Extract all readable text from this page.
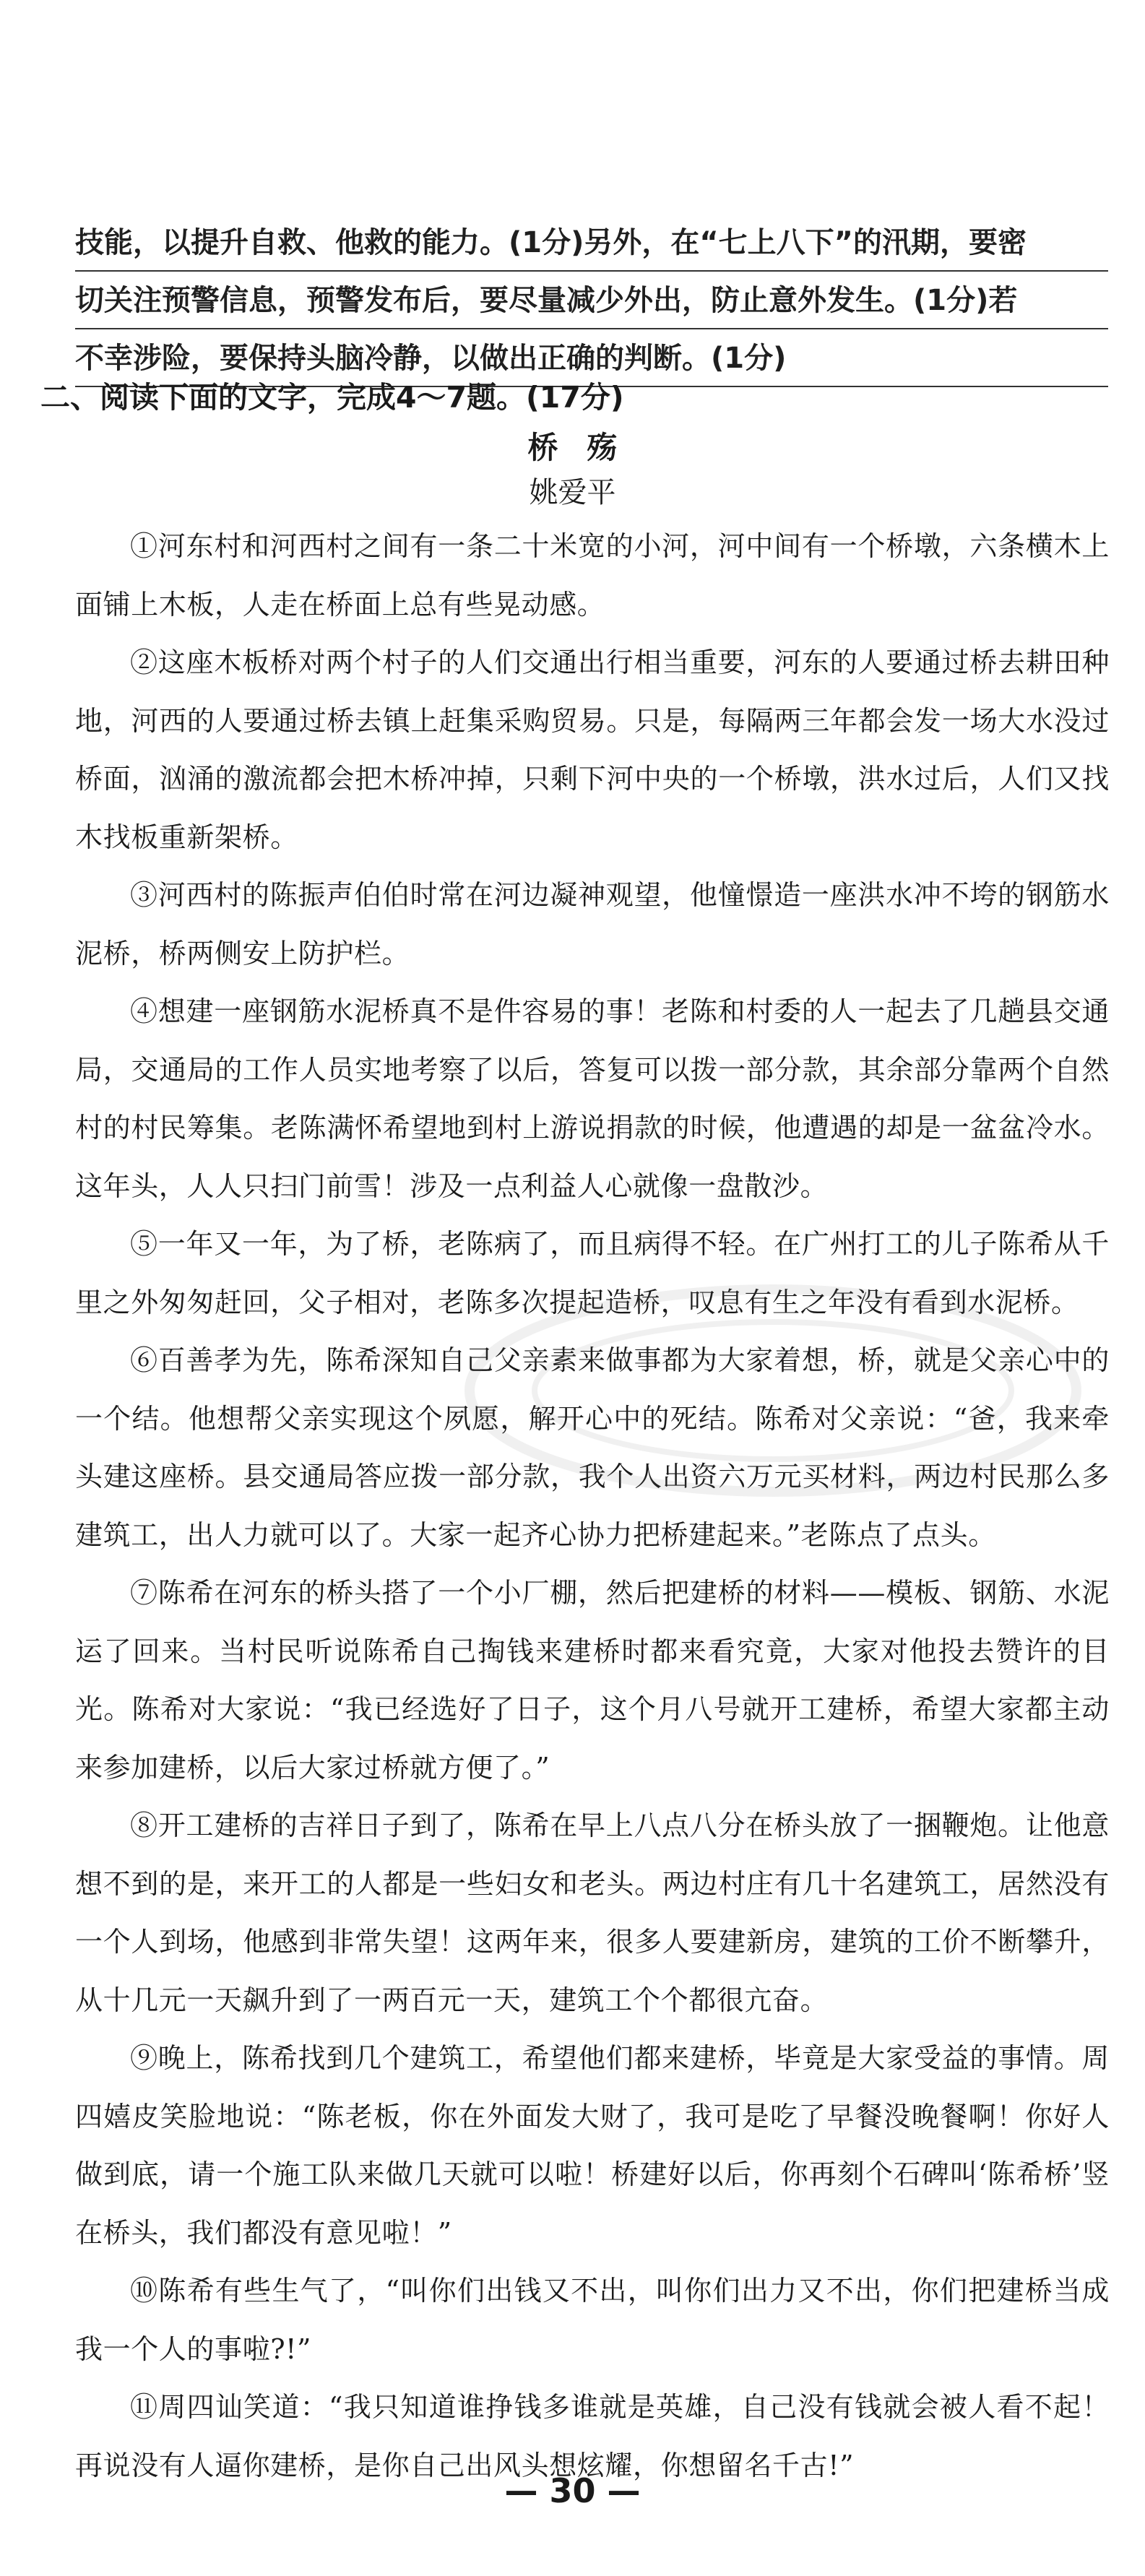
技能，以提升自救、他救的能力。(1分)另外，在“七上八下”的汛期，要密
切关注预警信息，预警发布后，要尽量减少外出，防止意外发生。(1分)若
不幸涉险，要保持头脑冷静，以做出正确的判断。(1分)
二、阅读下面的文字，完成4～7题。(17分)
桥殇
姚爱平

①河东村和河西村之间有一条二十米宽的小河，河中间有一个桥墩，六条横木上面铺上木板，人走在桥面上总有些晃动感。

②这座木板桥对两个村子的人们交通出行相当重要，河东的人要通过桥去耕田种地，河西的人要通过桥去镇上赶集采购贸易。只是，每隔两三年都会发一场大水没过桥面，汹涌的激流都会把木桥冲掉，只剩下河中央的一个桥墩，洪水过后，人们又找木找板重新架桥。

③河西村的陈振声伯伯时常在河边凝神观望，他憧憬造一座洪水冲不垮的钢筋水泥桥，桥两侧安上防护栏。

④想建一座钢筋水泥桥真不是件容易的事！老陈和村委的人一起去了几趟县交通局，交通局的工作人员实地考察了以后，答复可以拨一部分款，其余部分靠两个自然村的村民筹集。老陈满怀希望地到村上游说捐款的时候，他遭遇的却是一盆盆冷水。这年头，人人只扫门前雪！涉及一点利益人心就像一盘散沙。

⑤一年又一年，为了桥，老陈病了，而且病得不轻。在广州打工的儿子陈希从千里之外匆匆赶回，父子相对，老陈多次提起造桥，叹息有生之年没有看到水泥桥。

⑥百善孝为先，陈希深知自己父亲素来做事都为大家着想，桥，就是父亲心中的一个结。他想帮父亲实现这个夙愿，解开心中的死结。陈希对父亲说：“爸，我来牵头建这座桥。县交通局答应拨一部分款，我个人出资六万元买材料，两边村民那么多建筑工，出人力就可以了。大家一起齐心协力把桥建起来。”老陈点了点头。

⑦陈希在河东的桥头搭了一个小厂棚，然后把建桥的材料——模板、钢筋、水泥运了回来。当村民听说陈希自己掏钱来建桥时都来看究竟，大家对他投去赞许的目光。陈希对大家说：“我已经选好了日子，这个月八号就开工建桥，希望大家都主动来参加建桥，以后大家过桥就方便了。”

⑧开工建桥的吉祥日子到了，陈希在早上八点八分在桥头放了一捆鞭炮。让他意想不到的是，来开工的人都是一些妇女和老头。两边村庄有几十名建筑工，居然没有一个人到场，他感到非常失望！这两年来，很多人要建新房，建筑的工价不断攀升，从十几元一天飙升到了一两百元一天，建筑工个个都很亢奋。

⑨晚上，陈希找到几个建筑工，希望他们都来建桥，毕竟是大家受益的事情。周四嬉皮笑脸地说：“陈老板，你在外面发大财了，我可是吃了早餐没晚餐啊！你好人做到底，请一个施工队来做几天就可以啦！桥建好以后，你再刻个石碑叫‘陈希桥’竖在桥头，我们都没有意见啦！”

⑩陈希有些生气了，“叫你们出钱又不出，叫你们出力又不出，你们把建桥当成我一个人的事啦?!”

⑪周四讪笑道：“我只知道谁挣钱多谁就是英雄，自己没有钱就会被人看不起！再说没有人逼你建桥，是你自己出风头想炫耀，你想留名千古!”

— 30 —
